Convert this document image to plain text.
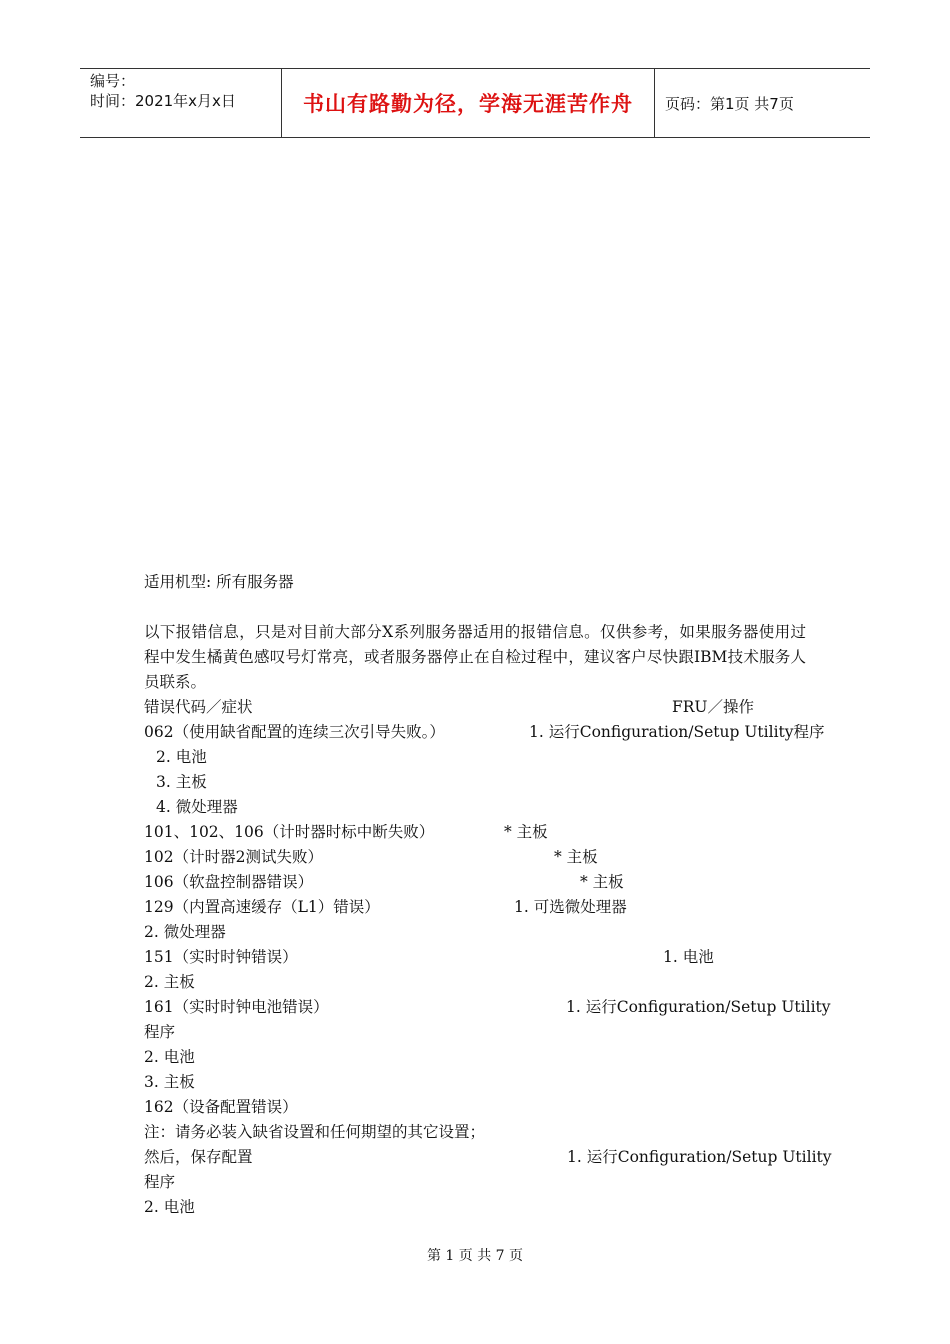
编号：
时间：2021年x月x日	书山有路勤为径，学海无涯苦作舟	页码：第1页 共7页
适用机型: 所有服务器
以下报错信息，只是对目前大部分X系列服务器适用的报错信息。仅供参考，如果服务器使用过程中发生橘黄色感叹号灯常亮，或者服务器停止在自检过程中，建议客户尽快跟IBM技术服务人员联系。
错误代码／症状	FRU／操作
062（使用缺省配置的连续三次引导失败。）	1. 运行Configuration/Setup Utility程序
2. 电池
3. 主板
4. 微处理器
101、102、106（计时器时标中断失败）	* 主板
102（计时器2测试失败）	* 主板
106（软盘控制器错误）	* 主板
129（内置高速缓存（L1）错误）	1. 可选微处理器
2. 微处理器
151（实时时钟错误）	1. 电池
2. 主板
161（实时时钟电池错误）	1. 运行Configuration/Setup Utility
程序
2. 电池
3. 主板
162（设备配置错误）
注：请务必装入缺省设置和任何期望的其它设置；
然后，保存配置	1. 运行Configuration/Setup Utility
程序
2. 电池
第 1 页 共 7 页
